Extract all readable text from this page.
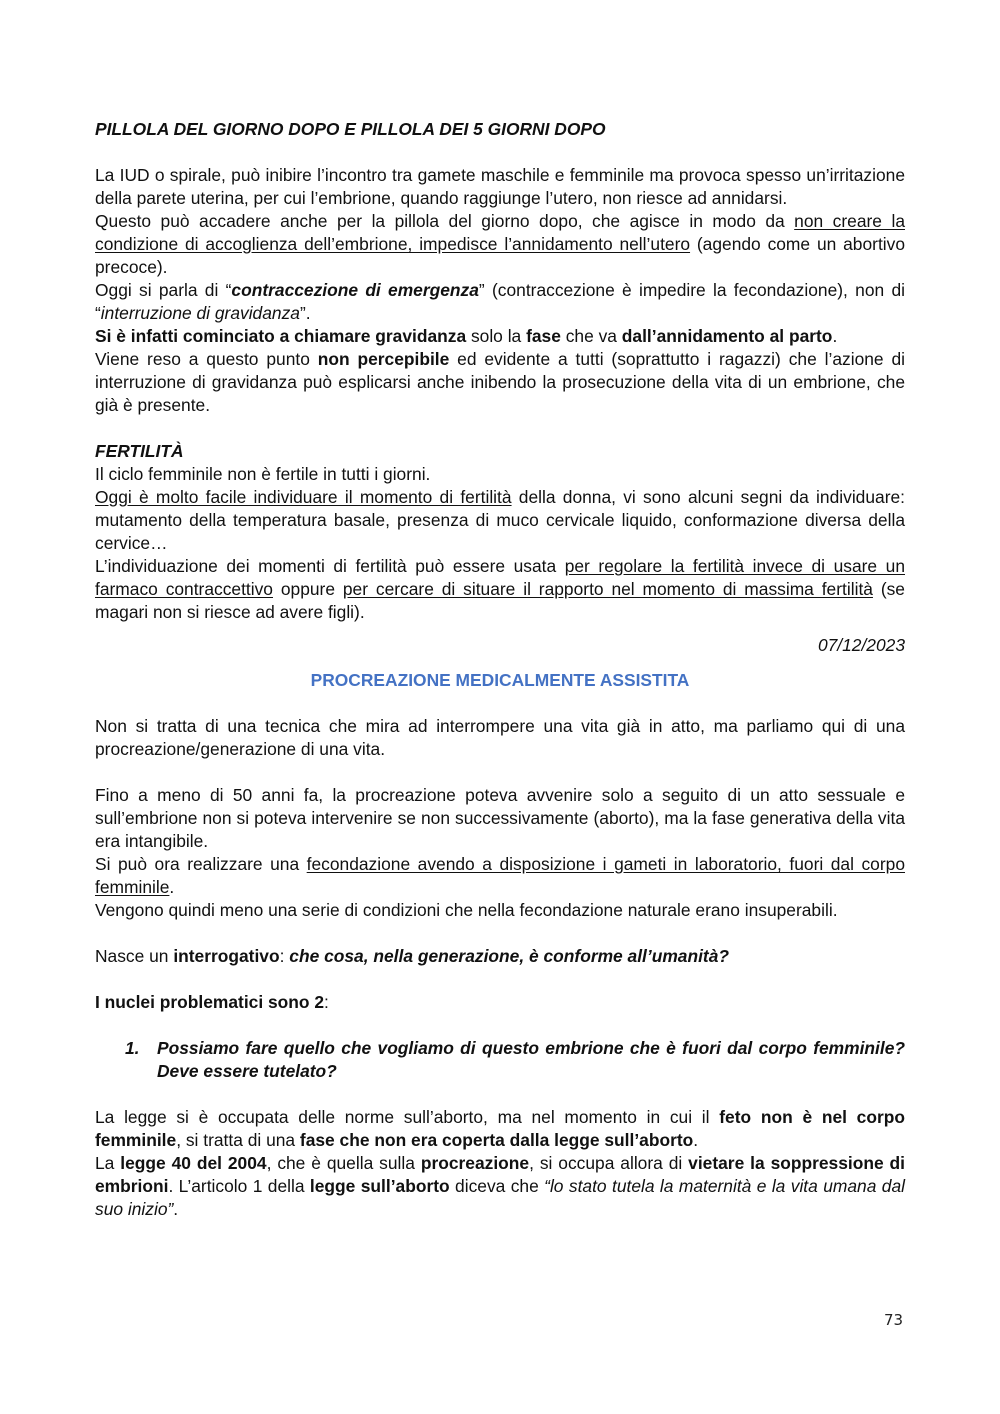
PILLOLA DEL GIORNO DOPO E PILLOLA DEI 5 GIORNI DOPO

La IUD o spirale, può inibire l’incontro tra gamete maschile e femminile ma provoca spesso un’irritazione della parete uterina, per cui l’embrione, quando raggiunge l’utero, non riesce ad annidarsi.

Questo può accadere anche per la pillola del giorno dopo, che agisce in modo da non creare la condizione di accoglienza dell’embrione, impedisce l’annidamento nell’utero (agendo come un abortivo precoce).

Oggi si parla di “contraccezione di emergenza” (contraccezione è impedire la fecondazione), non di “interruzione di gravidanza”.

Si è infatti cominciato a chiamare gravidanza solo la fase che va dall’annidamento al parto.

Viene reso a questo punto non percepibile ed evidente a tutti (soprattutto i ragazzi) che l’azione di interruzione di gravidanza può esplicarsi anche inibendo la prosecuzione della vita di un embrione, che già è presente.

FERTILITÀ

Il ciclo femminile non è fertile in tutti i giorni.

Oggi è molto facile individuare il momento di fertilità della donna, vi sono alcuni segni da individuare: mutamento della temperatura basale, presenza di muco cervicale liquido, conformazione diversa della cervice…

L’individuazione dei momenti di fertilità può essere usata per regolare la fertilità invece di usare un farmaco contraccettivo oppure per cercare di situare il rapporto nel momento di massima fertilità (se magari non si riesce ad avere figli).

07/12/2023

PROCREAZIONE MEDICALMENTE ASSISTITA

Non si tratta di una tecnica che mira ad interrompere una vita già in atto, ma parliamo qui di una procreazione/generazione di una vita.

Fino a meno di 50 anni fa, la procreazione poteva avvenire solo a seguito di un atto sessuale e sull’embrione non si poteva intervenire se non successivamente (aborto), ma la fase generativa della vita era intangibile.

Si può ora realizzare una fecondazione avendo a disposizione i gameti in laboratorio, fuori dal corpo femminile.

Vengono quindi meno una serie di condizioni che nella fecondazione naturale erano insuperabili.

Nasce un interrogativo: che cosa, nella generazione, è conforme all’umanità?

I nuclei problematici sono 2:

1.	Possiamo fare quello che vogliamo di questo embrione che è fuori dal corpo femminile? Deve essere tutelato?

La legge si è occupata delle norme sull’aborto, ma nel momento in cui il feto non è nel corpo femminile, si tratta di una fase che non era coperta dalla legge sull’aborto.

La legge 40 del 2004, che è quella sulla procreazione, si occupa allora di vietare la soppressione di embrioni. L’articolo 1 della legge sull’aborto diceva che “lo stato tutela la maternità e la vita umana dal suo inizio”.

73
